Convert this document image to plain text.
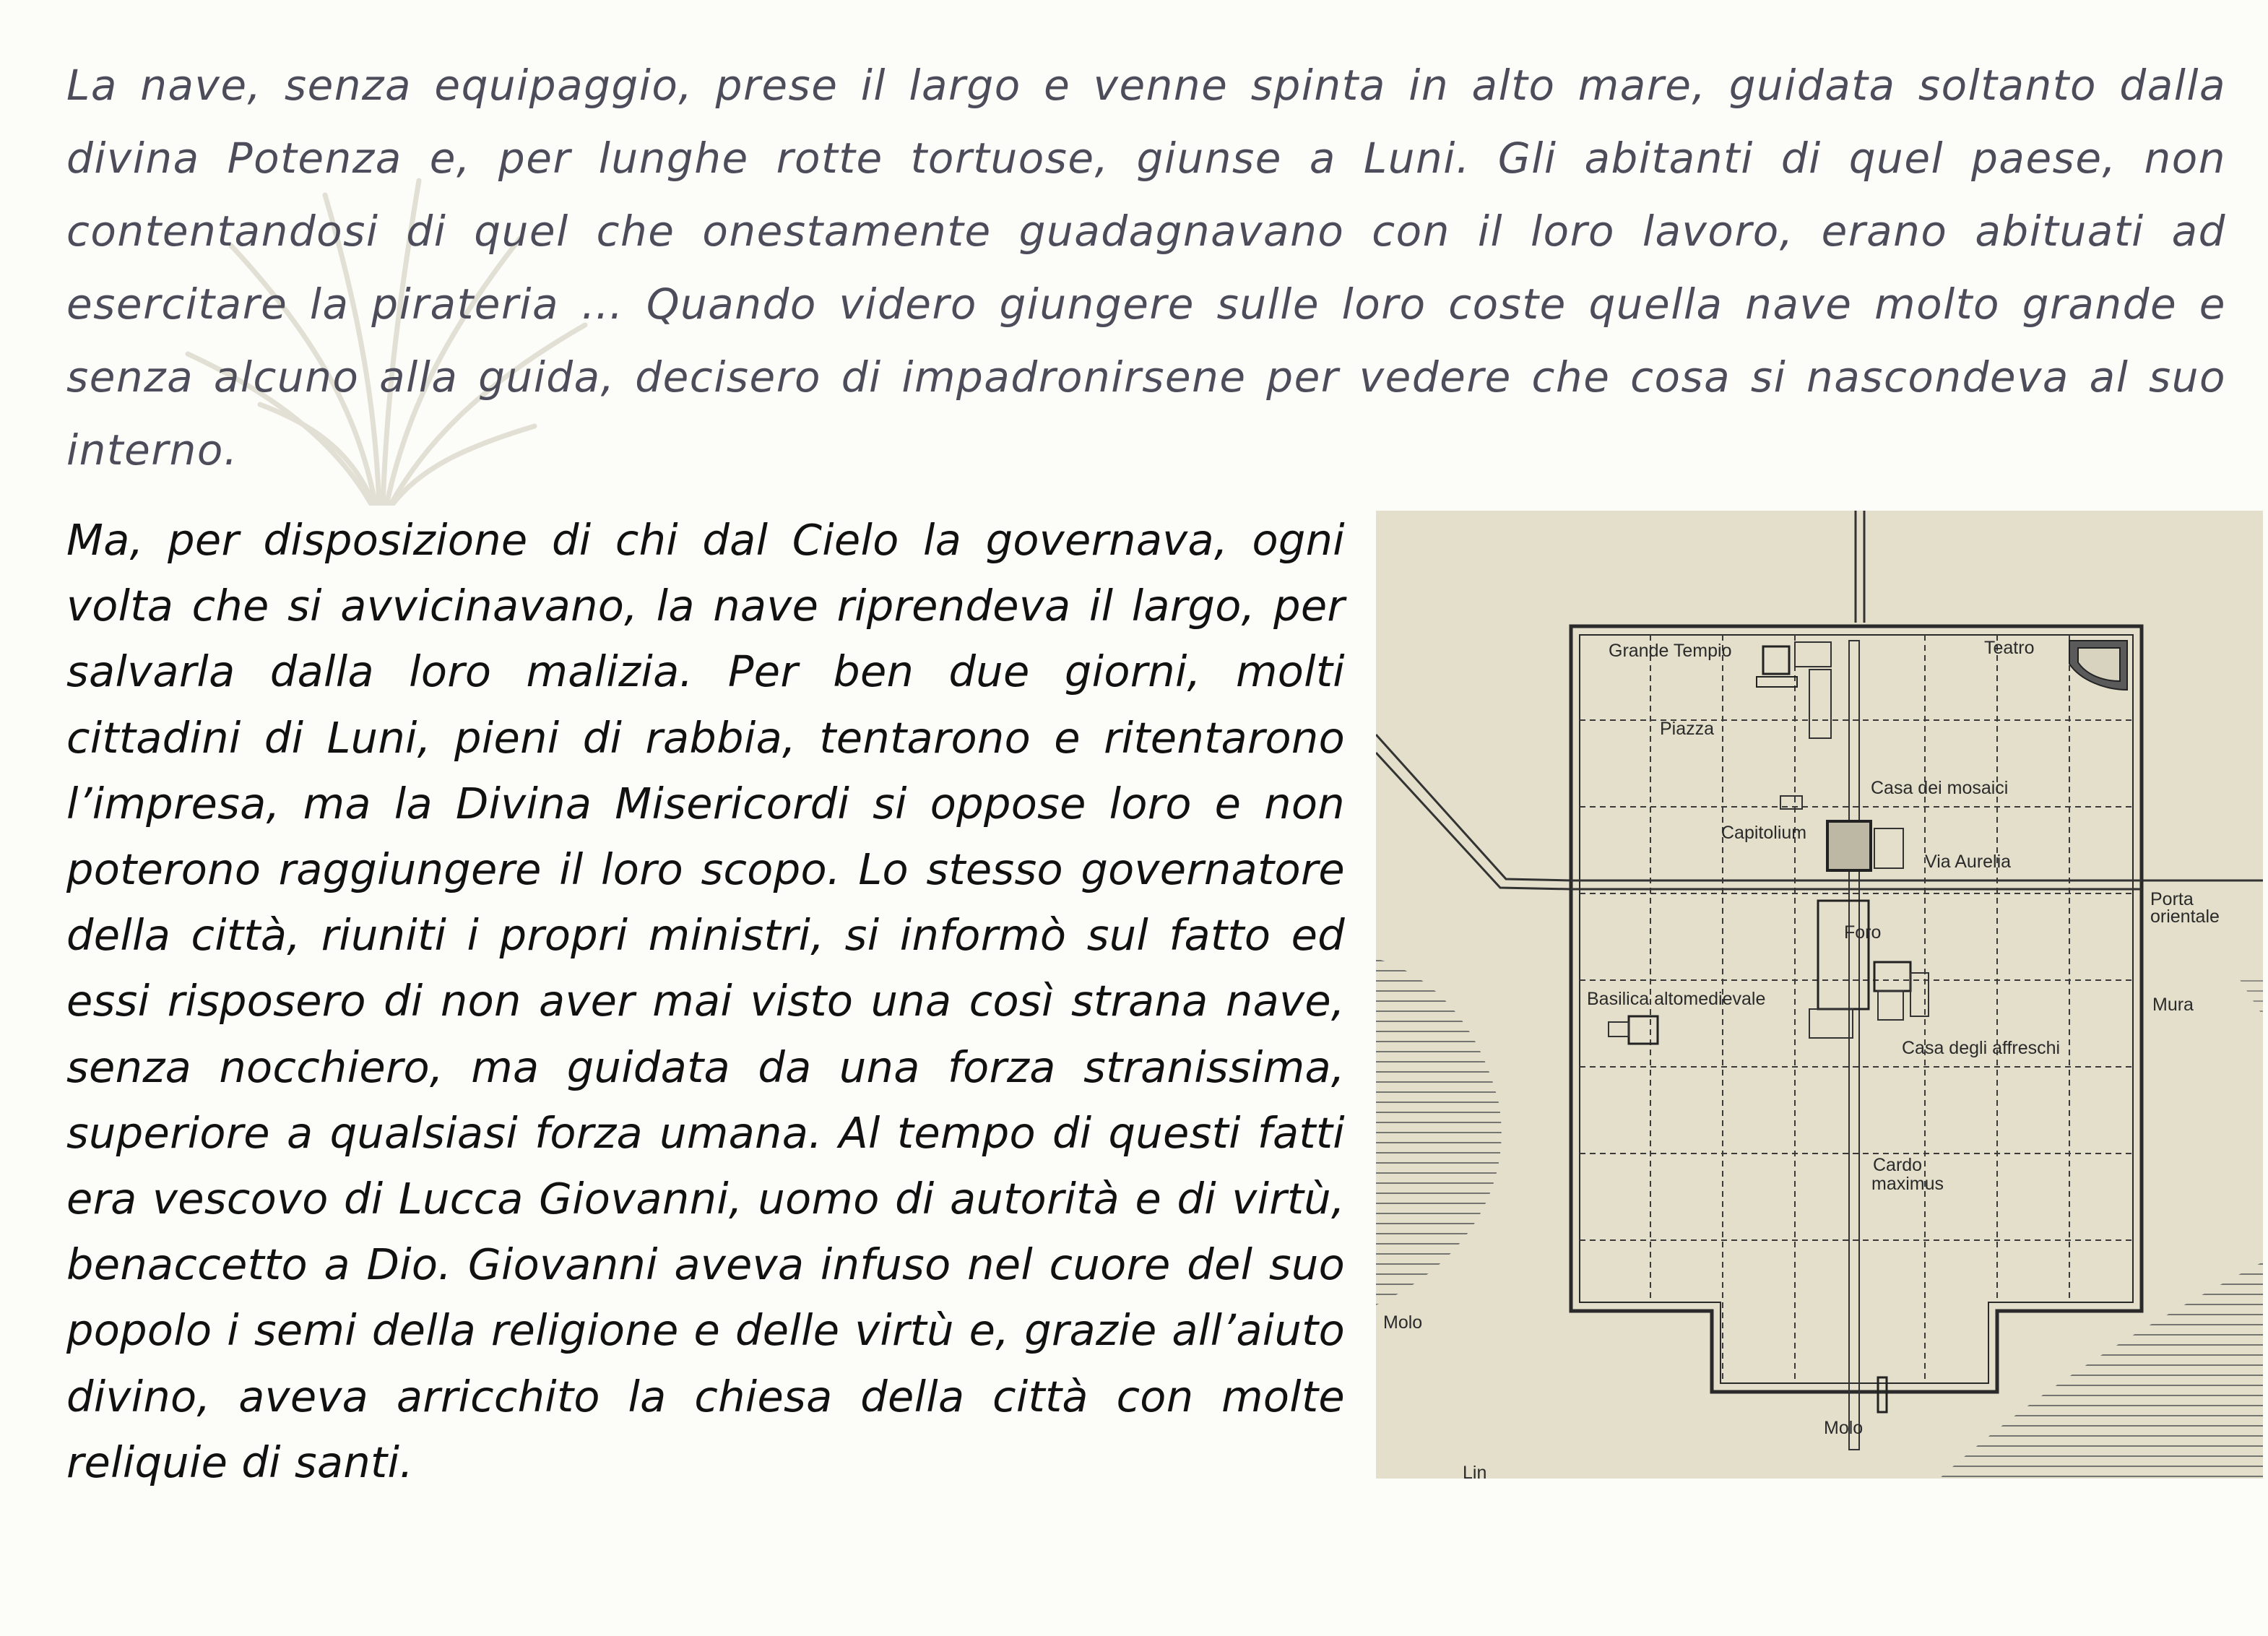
La nave, senza equipaggio, prese il largo e venne spinta in alto mare, guidata soltanto dalla divina Potenza e, per lunghe rotte tortuose, giunse a Luni. Gli abitanti di quel paese, non contentandosi di quel che onestamente guadagnavano con il loro lavoro, erano abituati ad esercitare la pirateria … Quando videro giungere sulle loro coste quella nave molto grande e senza alcuno alla guida, decisero di impadronirsene per vedere che cosa si nascondeva al suo interno.

Ma, per disposizione di chi dal Cielo la governava, ogni volta che si avvicinavano, la nave riprendeva il largo, per salvarla dalla loro malizia. Per ben due giorni, molti cittadini di Luni, pieni di rabbia, tentarono e ritentarono l’impresa, ma la Divina Misericordi si oppose loro e non poterono raggiungere il loro scopo. Lo stesso governatore della città, riuniti i propri ministri, si informò sul fatto ed essi risposero di non aver mai visto una così strana nave, senza nocchiero, ma guidata da una forza stranissima, superiore a qualsiasi forza umana. Al tempo di questi fatti era vescovo di Lucca Giovanni, uomo di autorità e di virtù, benaccetto a Dio. Giovanni aveva infuso nel cuore del suo popolo i semi della religione e delle virtù e, grazie all’aiuto divino, aveva arricchito la chiesa della città con molte reliquie di santi.

Grande Tempio	Teatro
Piazza
Casa dei mosaici
Capitolium
Via Aurelia
Porta
orientale
Foro
Basilica altomedievale	Mura
Casa degli affreschi
Cardo
maximus
Molo
Molo
Lin
